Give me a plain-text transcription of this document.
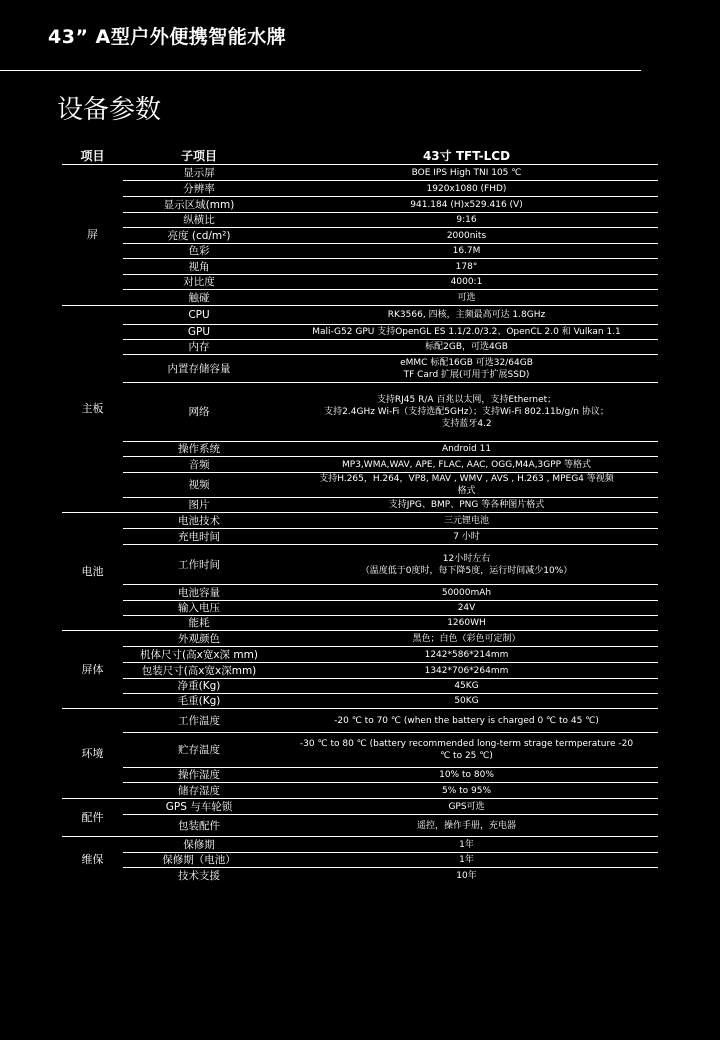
43” A型户外便携智能水牌
设备参数
项目	子项目	43寸 TFT-LCD
屏	显示屏	BOE IPS High TNI 105 ℃

	分辨率	1920x1080 (FHD)

	显示区域(mm)	941.184 (H)x529.416 (V)

	纵横比	9:16

	亮度 (cd/m²)	2000nits

	色彩	16.7M

	视角	178°

	对比度	4000:1

	触碰	可选

主板	CPU	RK3566, 四核，主频最高可达 1.8GHz

	GPU	Mali-G52 GPU 支持OpenGL ES 1.1/2.0/3.2、OpenCL 2.0 和 Vulkan 1.1

	内存	标配2GB，可选4GB

	内置存储容量	eMMC 标配16GB 可选32/64GB
TF Card 扩展(可用于扩展SSD)

	网络	支持RJ45 R/A 百兆以太网，支持Ethernet；
支持2.4GHz Wi-Fi（支持选配5GHz）；支持Wi-Fi 802.11b/g/n 协议；
支持蓝牙4.2

	操作系统	Android 11

	音频	MP3,WMA,WAV, APE, FLAC, AAC, OGG,M4A,3GPP 等格式

	视频	支持H.265，H.264，VP8, MAV , WMV , AVS , H.263 , MPEG4 等视频
格式

	图片	支持JPG、BMP、PNG 等各种图片格式

电池	电池技术	三元锂电池

	充电时间	7 小时

	工作时间	12小时左右
（温度低于0度时，每下降5度，运行时间减少10%）

	电池容量	50000mAh

	输入电压	24V

	能耗	1260WH

屏体	外观颜色	黑色；白色（彩色可定制）

	机体尺寸(高x宽x深 mm)	1242*586*214mm

	包装尺寸(高x宽x深mm)	1342*706*264mm

	净重(Kg)	45KG

	毛重(Kg)	50KG

环境	工作温度	-20 ℃ to 70 ℃ (when the battery is charged 0 ℃ to 45 ℃)

	贮存温度	-30 ℃ to 80 ℃ (battery recommended long-term strage termperature -20
℃ to 25 ℃)

	操作湿度	10% to 80%

	储存湿度	5% to 95%

配件	GPS 与车轮锁	GPS可选

	包装配件	遥控，操作手册，充电器

维保	保修期	1年

	保修期（电池）	1年

	技术支援	10年
